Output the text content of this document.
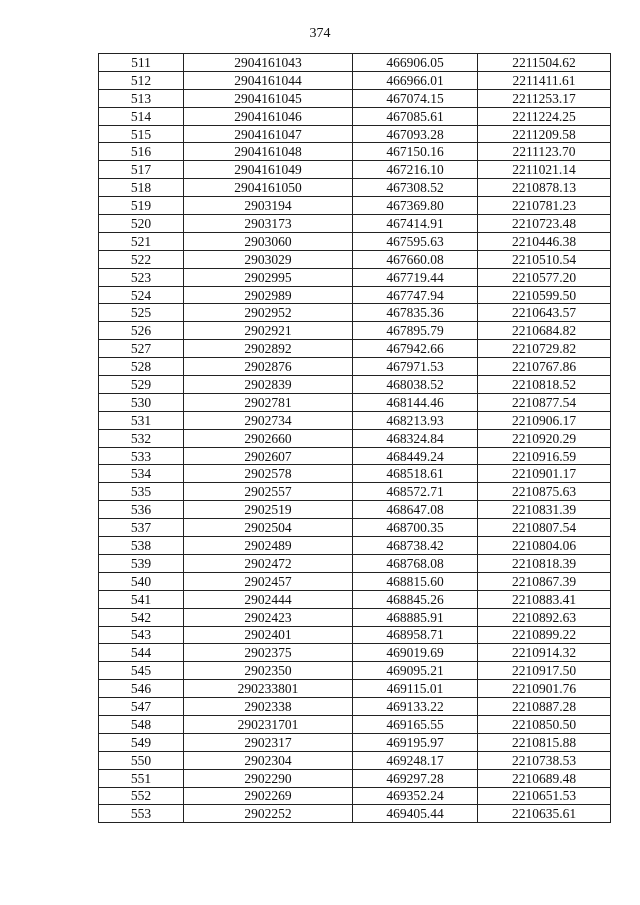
374
511	2904161043	466906.05	2211504.62
512	2904161044	466966.01	2211411.61
513	2904161045	467074.15	2211253.17
514	2904161046	467085.61	2211224.25
515	2904161047	467093.28	2211209.58
516	2904161048	467150.16	2211123.70
517	2904161049	467216.10	2211021.14
518	2904161050	467308.52	2210878.13
519	2903194	467369.80	2210781.23
520	2903173	467414.91	2210723.48
521	2903060	467595.63	2210446.38
522	2903029	467660.08	2210510.54
523	2902995	467719.44	2210577.20
524	2902989	467747.94	2210599.50
525	2902952	467835.36	2210643.57
526	2902921	467895.79	2210684.82
527	2902892	467942.66	2210729.82
528	2902876	467971.53	2210767.86
529	2902839	468038.52	2210818.52
530	2902781	468144.46	2210877.54
531	2902734	468213.93	2210906.17
532	2902660	468324.84	2210920.29
533	2902607	468449.24	2210916.59
534	2902578	468518.61	2210901.17
535	2902557	468572.71	2210875.63
536	2902519	468647.08	2210831.39
537	2902504	468700.35	2210807.54
538	2902489	468738.42	2210804.06
539	2902472	468768.08	2210818.39
540	2902457	468815.60	2210867.39
541	2902444	468845.26	2210883.41
542	2902423	468885.91	2210892.63
543	2902401	468958.71	2210899.22
544	2902375	469019.69	2210914.32
545	2902350	469095.21	2210917.50
546	290233801	469115.01	2210901.76
547	2902338	469133.22	2210887.28
548	290231701	469165.55	2210850.50
549	2902317	469195.97	2210815.88
550	2902304	469248.17	2210738.53
551	2902290	469297.28	2210689.48
552	2902269	469352.24	2210651.53
553	2902252	469405.44	2210635.61
